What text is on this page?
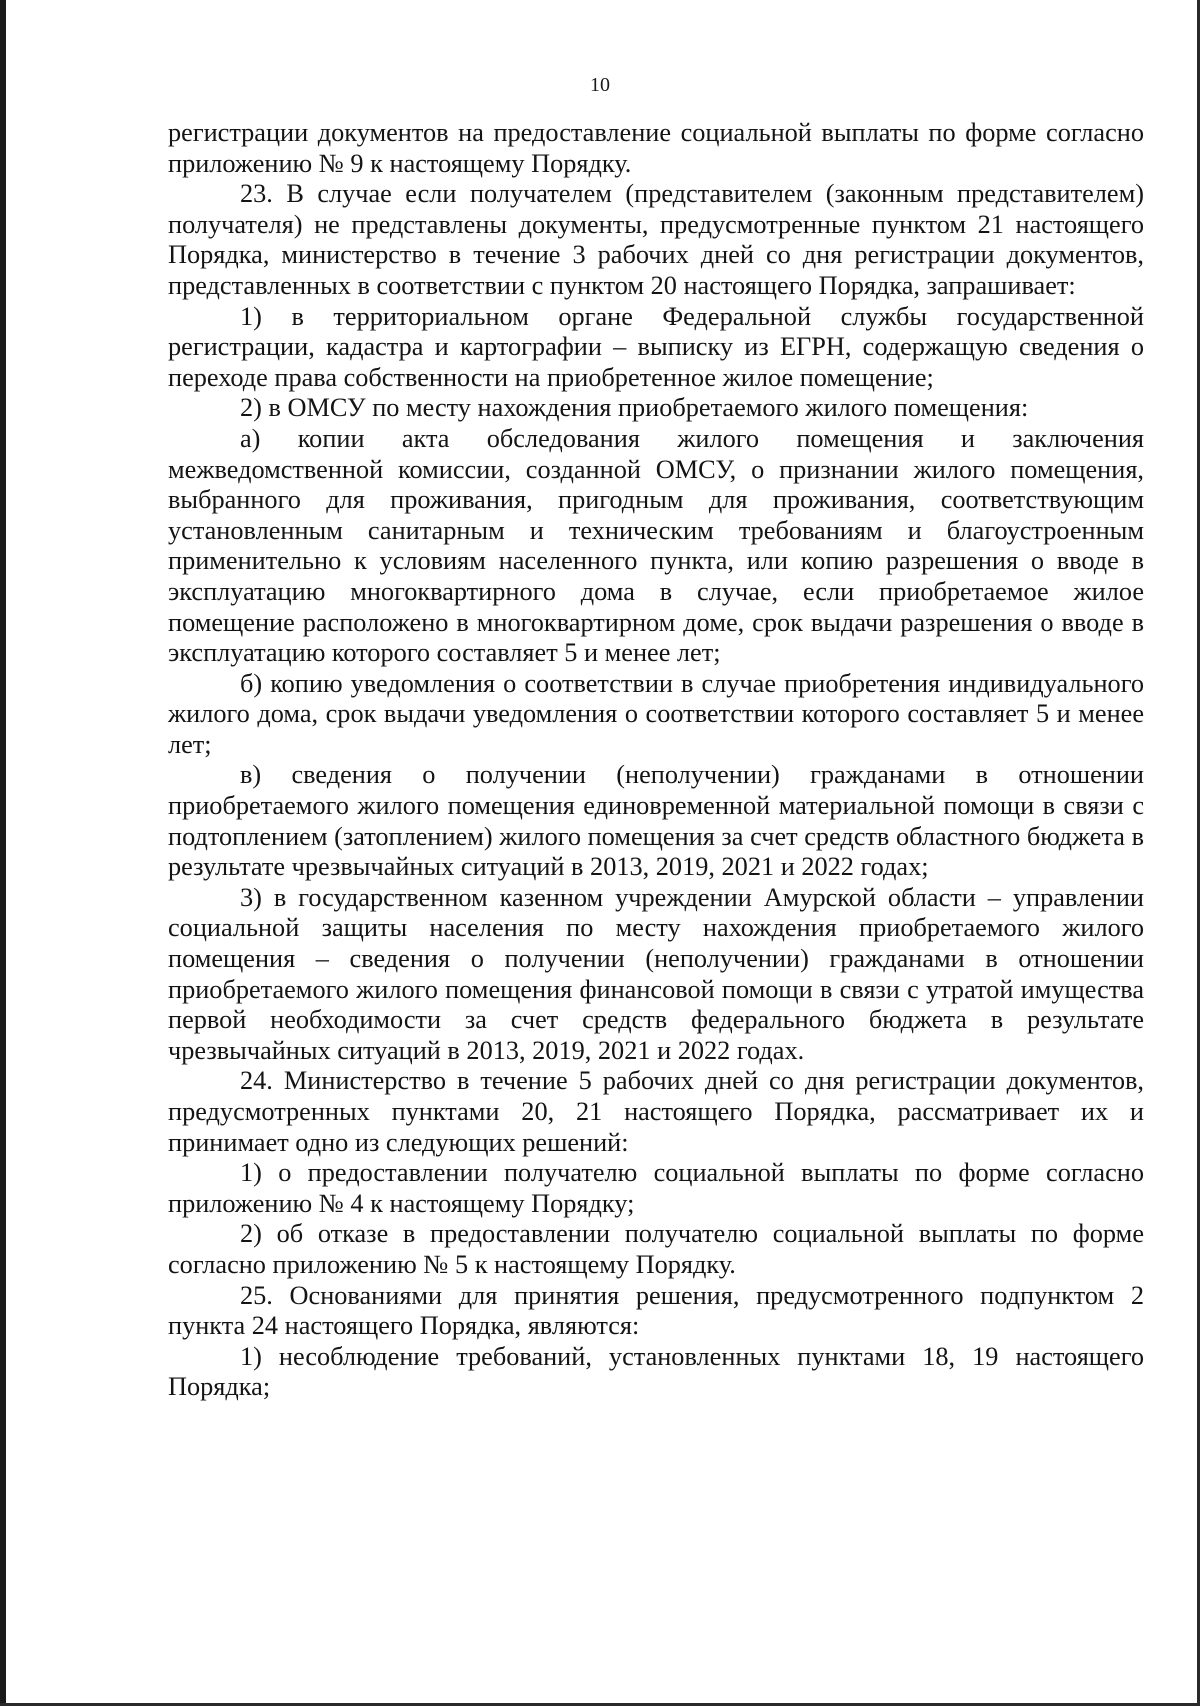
10

регистрации документов на предоставление социальной выплаты по форме согласно приложению № 9 к настоящему Порядку.

23. В случае если получателем (представителем (законным представителем) получателя) не представлены документы, предусмотренные пунктом 21 настоящего Порядка, министерство в течение 3 рабочих дней со дня регистрации документов, представленных в соответствии с пунктом 20 настоящего Порядка, запрашивает:

1) в территориальном органе Федеральной службы государственной регистрации, кадастра и картографии – выписку из ЕГРН, содержащую сведения о переходе права собственности на приобретенное жилое помещение;

2) в ОМСУ по месту нахождения приобретаемого жилого помещения:

а) копии акта обследования жилого помещения и заключения межведомственной комиссии, созданной ОМСУ, о признании жилого помещения, выбранного для проживания, пригодным для проживания, соответствующим установленным санитарным и техническим требованиям и благоустроенным применительно к условиям населенного пункта, или копию разрешения о вводе в эксплуатацию многоквартирного дома в случае, если приобретаемое жилое помещение расположено в многоквартирном доме, срок выдачи разрешения о вводе в эксплуатацию которого составляет 5 и менее лет;

б) копию уведомления о соответствии в случае приобретения индивидуального жилого дома, срок выдачи уведомления о соответствии которого составляет 5 и менее лет;

в) сведения о получении (неполучении) гражданами в отношении приобретаемого жилого помещения единовременной материальной помощи в связи с подтоплением (затоплением) жилого помещения за счет средств областного бюджета в результате чрезвычайных ситуаций в 2013, 2019, 2021 и 2022 годах;

3) в государственном казенном учреждении Амурской области – управлении социальной защиты населения по месту нахождения приобретаемого жилого помещения – сведения о получении (неполучении) гражданами в отношении приобретаемого жилого помещения финансовой помощи в связи с утратой имущества первой необходимости за счет средств федерального бюджета в результате чрезвычайных ситуаций в 2013, 2019, 2021 и 2022 годах.

24. Министерство в течение 5 рабочих дней со дня регистрации документов, предусмотренных пунктами 20, 21 настоящего Порядка, рассматривает их и принимает одно из следующих решений:

1) о предоставлении получателю социальной выплаты по форме согласно приложению № 4 к настоящему Порядку;

2) об отказе в предоставлении получателю социальной выплаты по форме согласно приложению № 5 к настоящему Порядку.

25. Основаниями для принятия решения, предусмотренного подпунктом 2 пункта 24 настоящего Порядка, являются:

1) несоблюдение требований, установленных пунктами 18, 19 настоящего Порядка;
